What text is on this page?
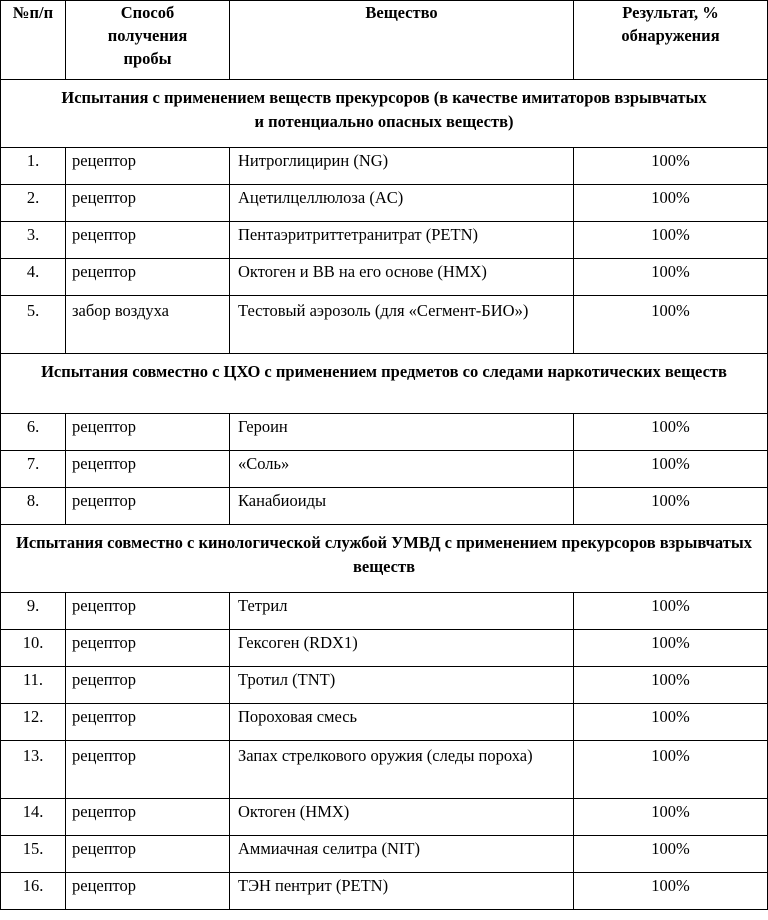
№п/п	Способ получения пробы	Вещество	Результат, % обнаружения
Испытания с применением веществ прекурсоров (в качестве имитаторов взрывчатых и потенциально опасных веществ)			
1.	рецептор	Нитроглицирин (NG)	100%
2.	рецептор	Ацетилцеллюлоза (AC)	100%
3.	рецептор	Пентаэритриттетранитрат (PETN)	100%
4.	рецептор	Октоген и ВВ на его основе (HMX)	100%
5.	забор воздуха	Тестовый аэрозоль (для «Сегмент-БИО»)	100%
Испытания совместно с ЦХО с применением предметов со следами наркотических веществ			
6.	рецептор	Героин	100%
7.	рецептор	«Соль»	100%
8.	рецептор	Канабиоиды	100%
Испытания совместно с кинологической службой УМВД с применением прекурсоров взрывчатых веществ			
9.	рецептор	Тетрил	100%
10.	рецептор	Гексоген (RDX1)	100%
11.	рецептор	Тротил (TNT)	100%
12.	рецептор	Пороховая смесь	100%
13.	рецептор	Запах стрелкового оружия (следы пороха)	100%
14.	рецептор	Октоген (HMX)	100%
15.	рецептор	Аммиачная селитра (NIT)	100%
16.	рецептор	ТЭН пентрит (PETN)	100%
